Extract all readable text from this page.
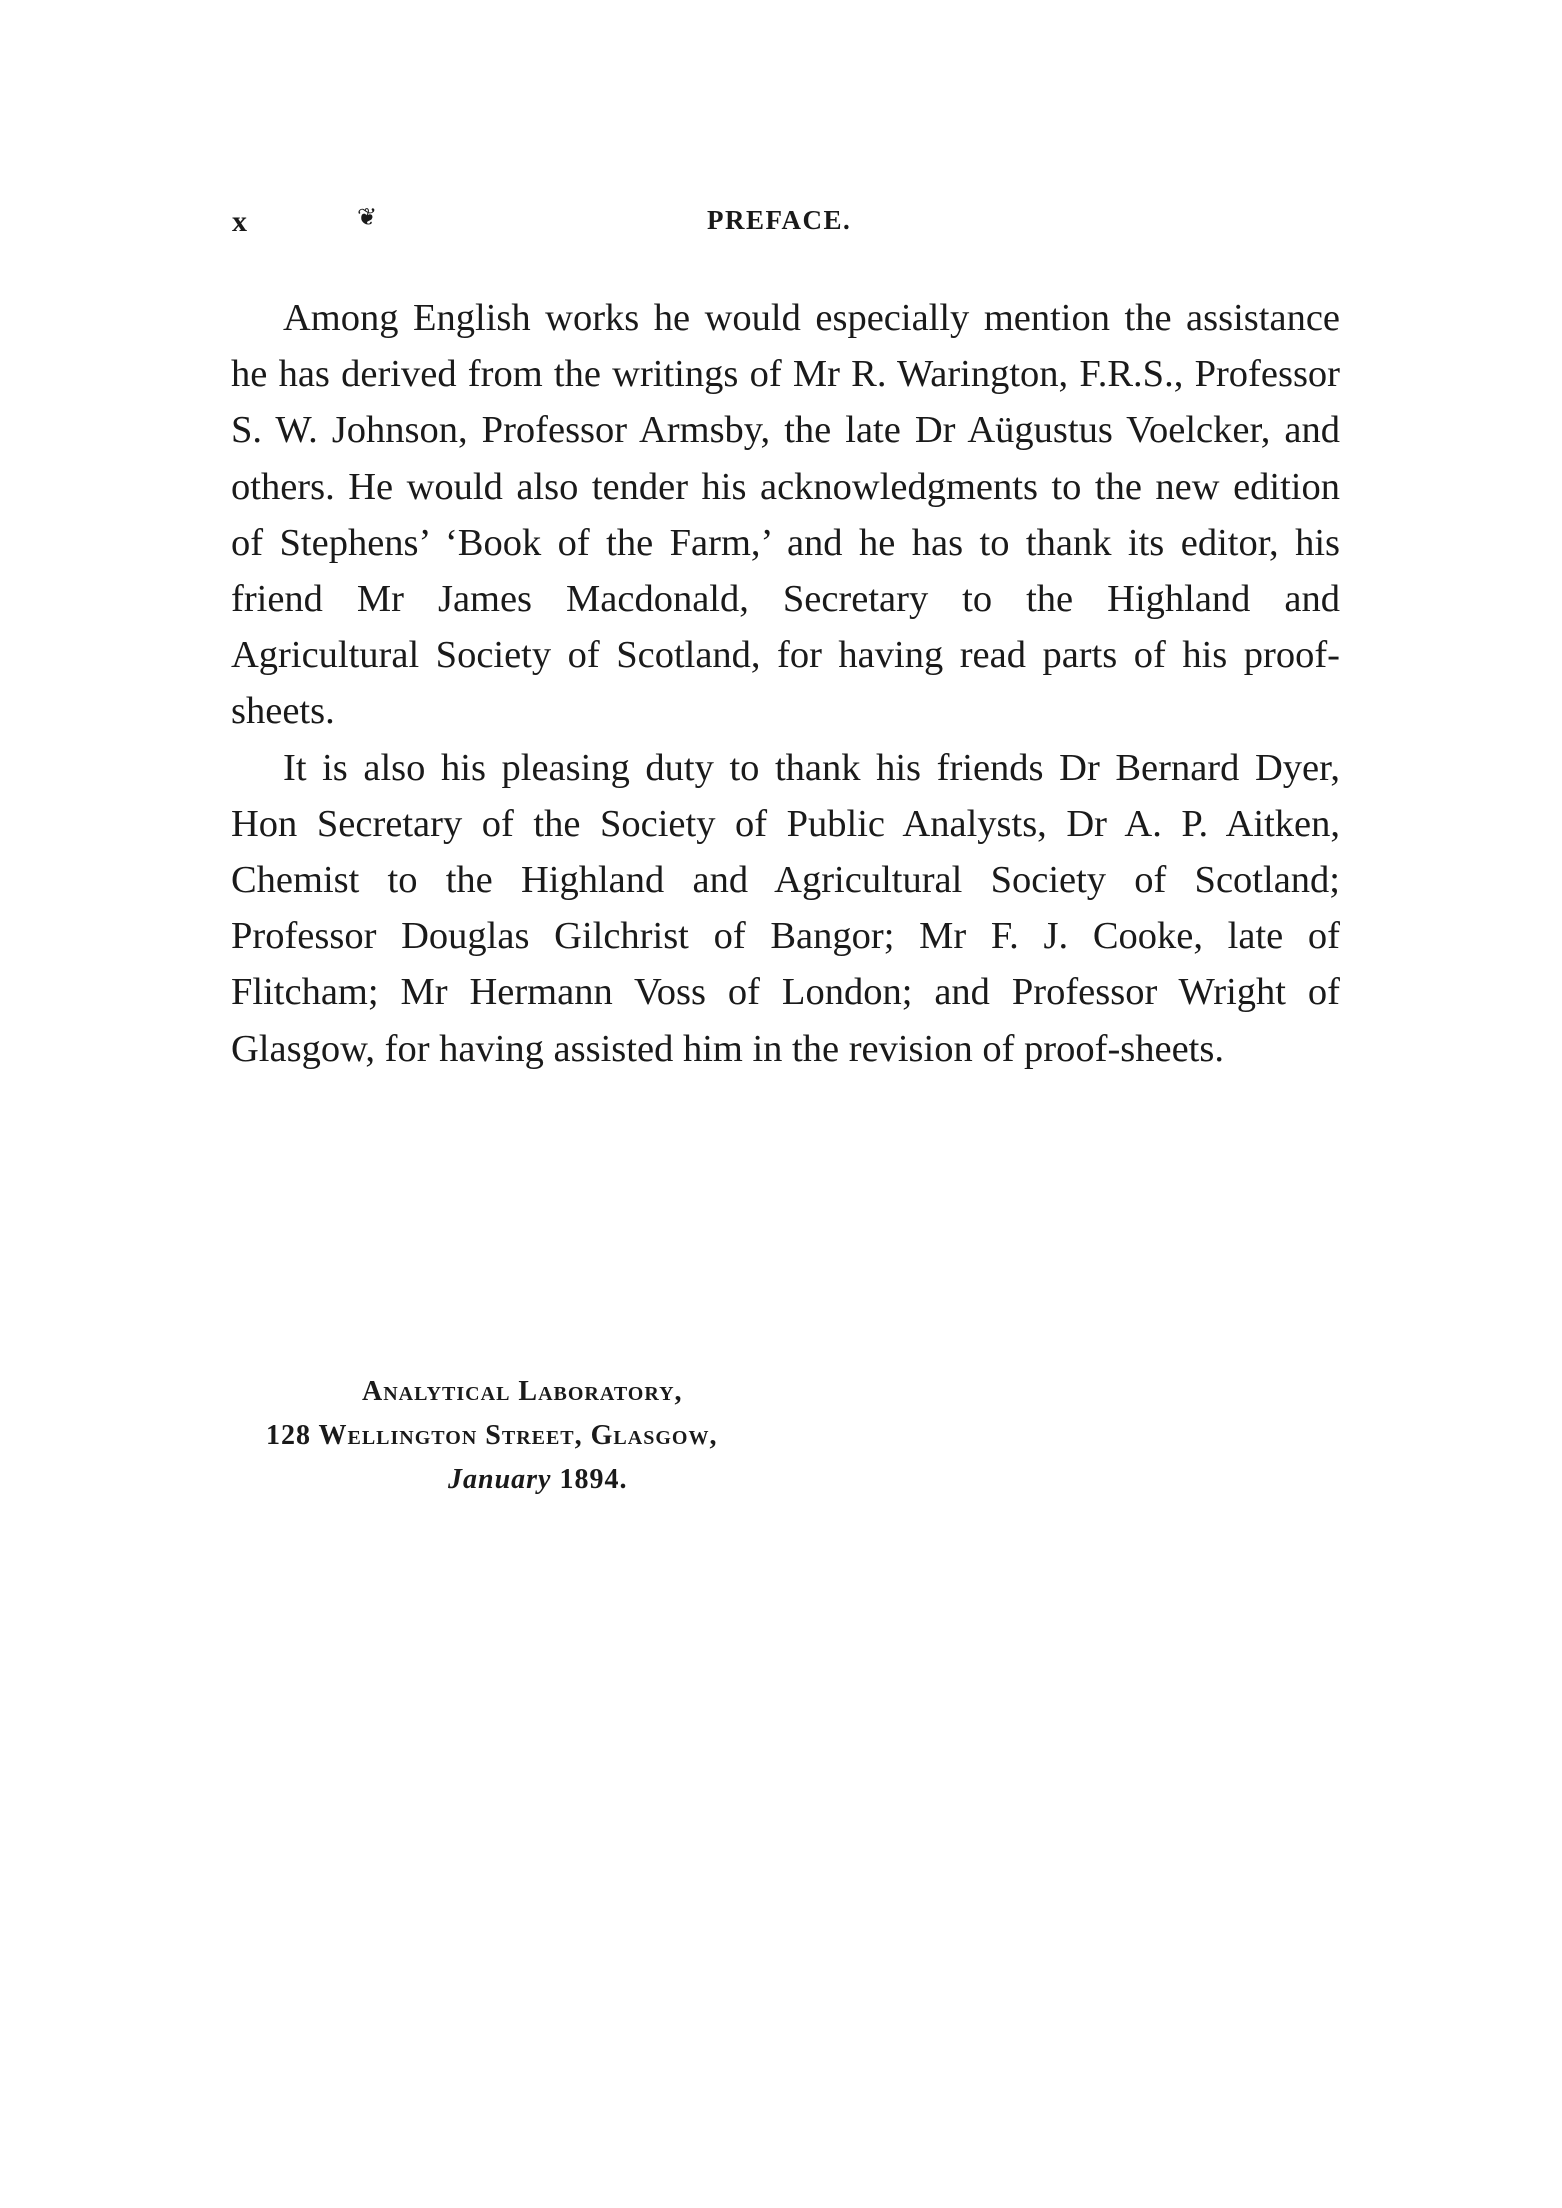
x	❦	PREFACE.

Among English works he would especially mention the assistance he has derived from the writings of Mr R. Warington, F.R.S., Professor S. W. Johnson, Professor Armsby, the late Dr Aügustus Voelcker, and others. He would also tender his acknowledgments to the new edition of Stephens’ ‘Book of the Farm,’ and he has to thank its editor, his friend Mr James Macdonald, Secretary to the Highland and Agricultural Society of Scotland, for having read parts of his proof-sheets.

It is also his pleasing duty to thank his friends Dr Bernard Dyer, Hon Secretary of the Society of Public Analysts, Dr A. P. Aitken, Chemist to the Highland and Agricultural Society of Scotland; Professor Douglas Gilchrist of Bangor; Mr F. J. Cooke, late of Flitcham; Mr Hermann Voss of London; and Professor Wright of Glasgow, for having assisted him in the revision of proof-sheets.

Analytical Laboratory,
128 Wellington Street, Glasgow,
January 1894.
